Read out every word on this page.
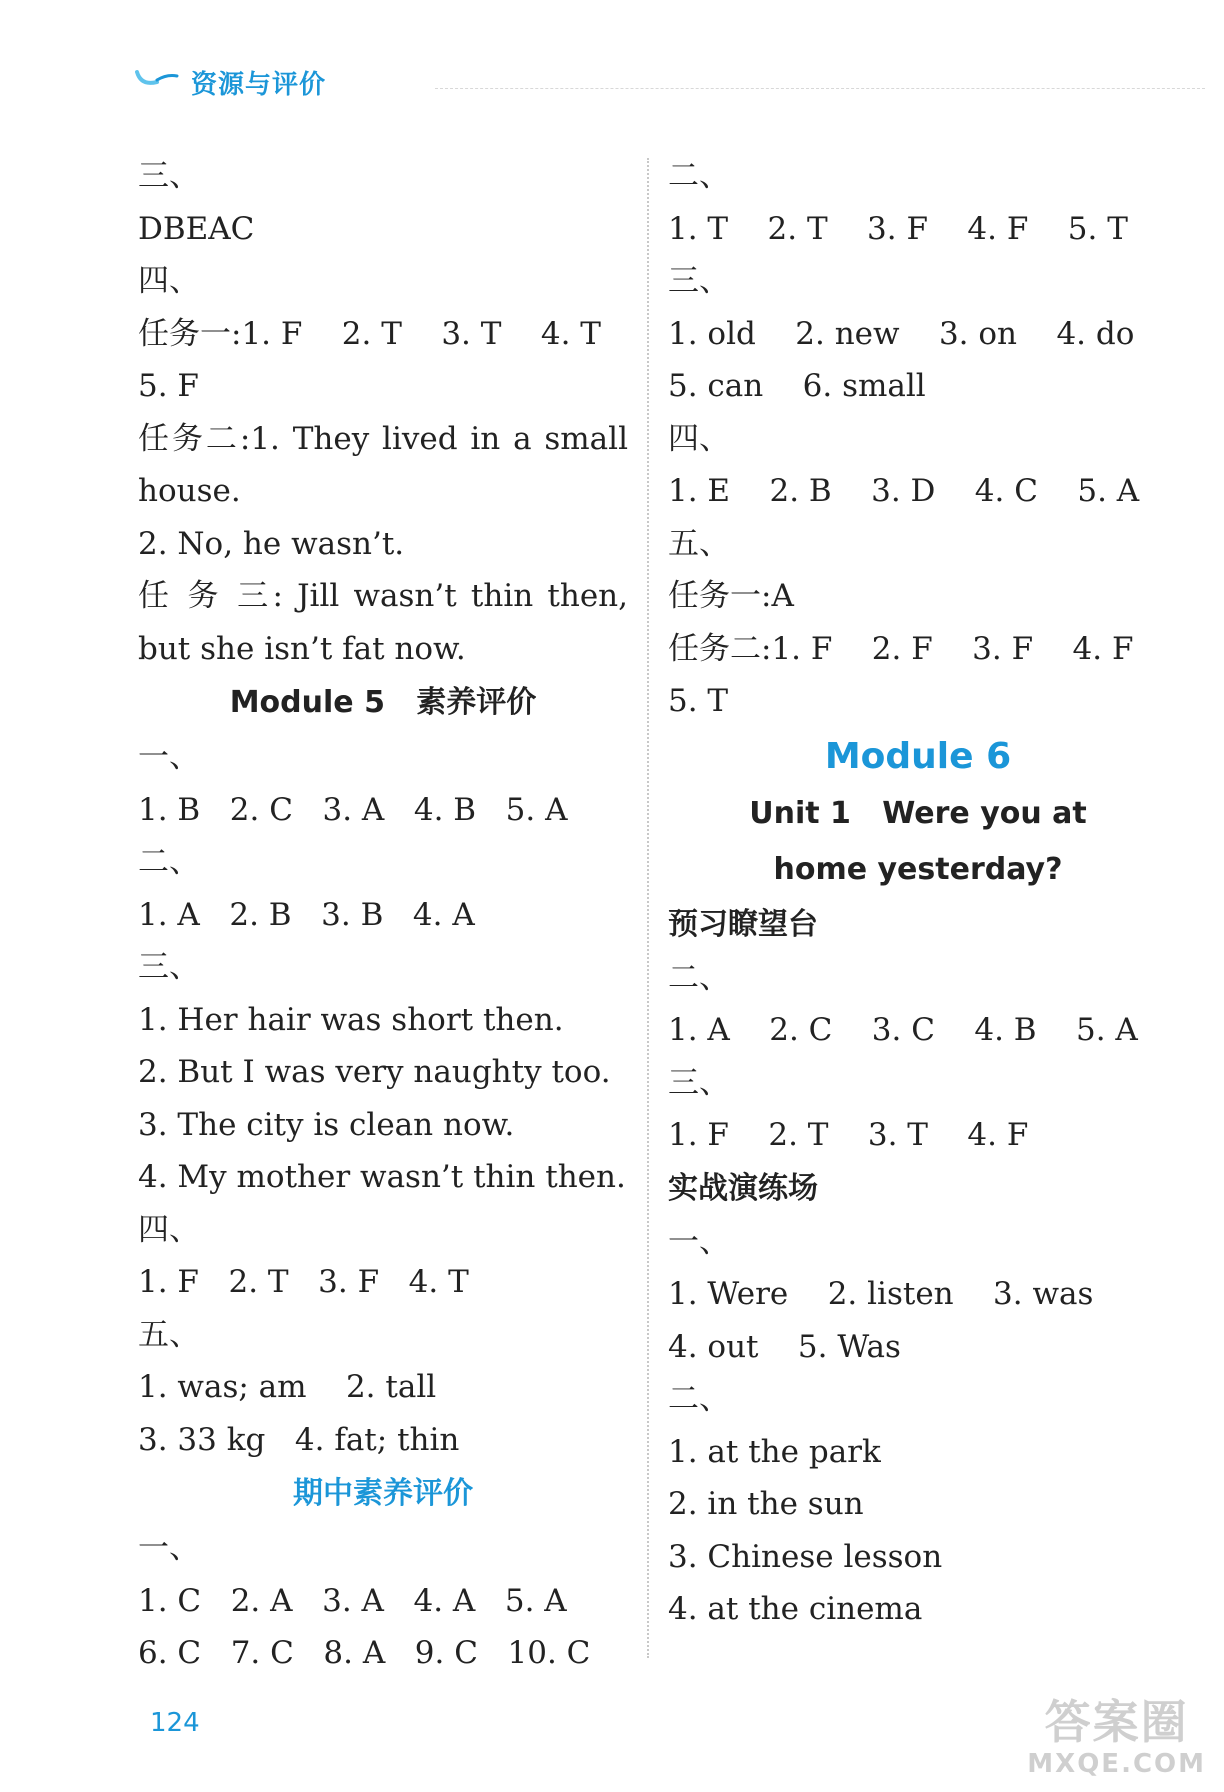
资源与评价
三、
DBEAC
四、
任务一:1. F    2. T    3. T    4. T
5. F
任务二:1. They lived in a small
house.
2. No, he wasn’t.
任 务 三: Jill wasn’t thin then,
but she isn’t fat now.
Module 5   素养评价
一、
1. B   2. C   3. A   4. B   5. A
二、
1. A   2. B   3. B   4. A
三、
1. Her hair was short then.
2. But I was very naughty too.
3. The city is clean now.
4. My mother wasn’t thin then.
四、
1. F   2. T   3. F   4. T
五、
1. was; am    2. tall
3. 33 kg   4. fat; thin
期中素养评价
一、
1. C   2. A   3. A   4. A   5. A
6. C   7. C   8. A   9. C   10. C
二、
1. T    2. T    3. F    4. F    5. T
三、
1. old    2. new    3. on    4. do
5. can    6. small
四、
1. E    2. B    3. D    4. C    5. A
五、
任务一:A
任务二:1. F    2. F    3. F    4. F
5. T
Module 6
Unit 1   Were you at
home yesterday?
预习瞭望台
二、
1. A    2. C    3. C    4. B    5. A
三、
1. F    2. T    3. T    4. F
实战演练场
一、
1. Were    2. listen    3. was
4. out    5. Was
二、
1. at the park
2. in the sun
3. Chinese lesson
4. at the cinema
124	答案圈
MXQE.COM
